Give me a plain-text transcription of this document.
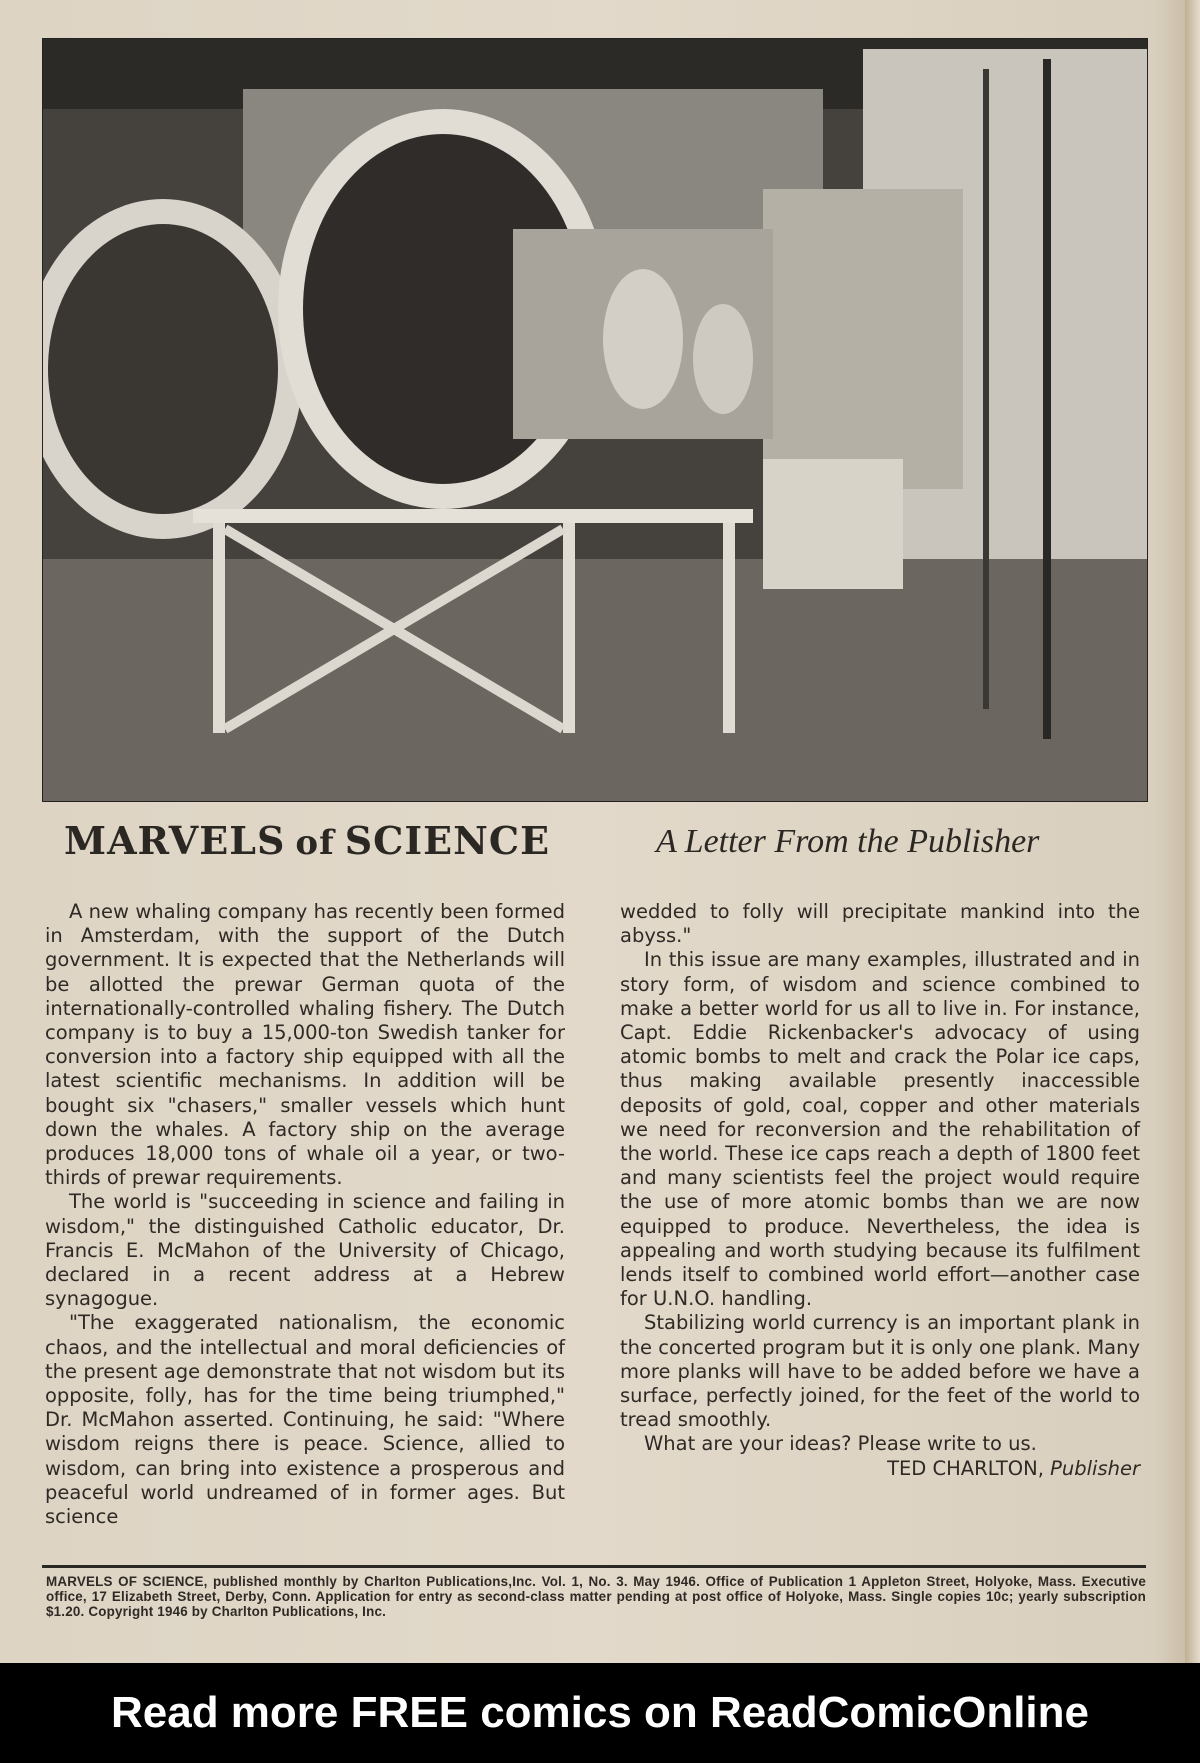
MARVELS of SCIENCE	A Letter From the Publisher

A new whaling company has recently been formed in Amsterdam, with the support of the Dutch government. It is expected that the Netherlands will be allotted the prewar German quota of the internationally-controlled whaling fishery. The Dutch company is to buy a 15,000-ton Swedish tanker for conversion into a factory ship equipped with all the latest scientific mechanisms. In addition will be bought six "chasers," smaller vessels which hunt down the whales. A factory ship on the average produces 18,000 tons of whale oil a year, or two-thirds of prewar requirements.

The world is "succeeding in science and failing in wisdom," the distinguished Catholic educator, Dr. Francis E. McMahon of the University of Chicago, declared in a recent address at a Hebrew synagogue.

"The exaggerated nationalism, the economic chaos, and the intellectual and moral deficiencies of the present age demonstrate that not wisdom but its opposite, folly, has for the time being triumphed," Dr. McMahon asserted. Continuing, he said: "Where wisdom reigns there is peace. Science, allied to wisdom, can bring into existence a prosperous and peaceful world undreamed of in former ages. But science

wedded to folly will precipitate mankind into the abyss."

In this issue are many examples, illustrated and in story form, of wisdom and science combined to make a better world for us all to live in. For instance, Capt. Eddie Rickenbacker's advocacy of using atomic bombs to melt and crack the Polar ice caps, thus making available presently inaccessible deposits of gold, coal, copper and other materials we need for reconversion and the rehabilitation of the world. These ice caps reach a depth of 1800 feet and many scientists feel the project would require the use of more atomic bombs than we are now equipped to produce. Nevertheless, the idea is appealing and worth studying because its fulfilment lends itself to combined world effort—another case for U.N.O. handling.

Stabilizing world currency is an important plank in the concerted program but it is only one plank. Many more planks will have to be added before we have a surface, perfectly joined, for the feet of the world to tread smoothly.

What are your ideas? Please write to us.

TED CHARLTON, Publisher
MARVELS OF SCIENCE, published monthly by Charlton Publications,Inc. Vol. 1, No. 3. May 1946. Office of Publication 1 Appleton Street, Holyoke, Mass. Executive office, 17 Elizabeth Street, Derby, Conn. Application for entry as second-class matter pending at post office of Holyoke, Mass. Single copies 10c; yearly subscription $1.20. Copyright 1946 by Charlton Publications, Inc.
Read more FREE comics on ReadComicOnline
